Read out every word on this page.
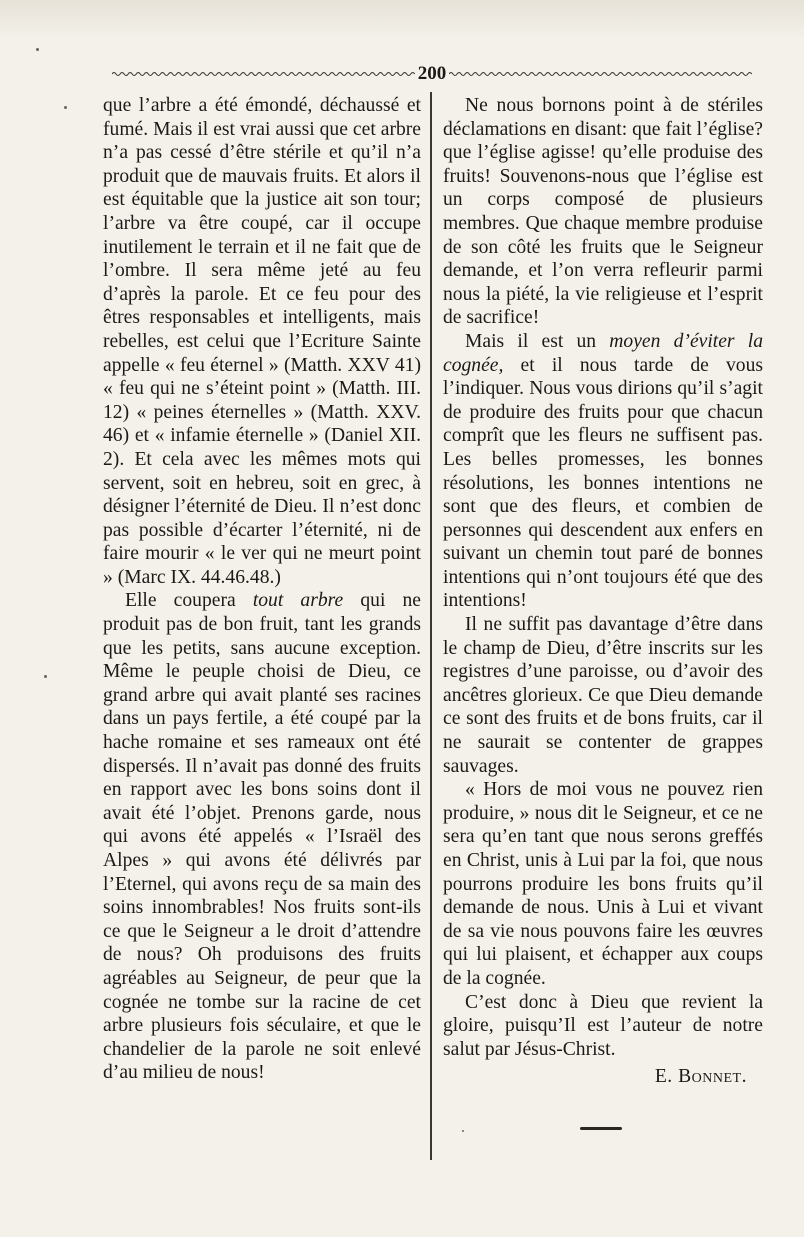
200

que l’arbre a été émondé, déchaussé et fumé. Mais il est vrai aussi que cet arbre n’a pas cessé d’être stérile et qu’il n’a produit que de mauvais fruits. Et alors il est équitable que la justice ait son tour; l’arbre va être coupé, car il occupe inutilement le terrain et il ne fait que de l’ombre. Il sera même jeté au feu d’après la parole. Et ce feu pour des êtres responsables et intelligents, mais rebelles, est celui que l’Ecriture Sainte appelle « feu éternel » (Matth. XXV 41) « feu qui ne s’éteint point » (Matth. III. 12) « peines éternelles » (Matth. XXV. 46) et « infamie éternelle » (Daniel XII. 2). Et cela avec les mêmes mots qui servent, soit en hebreu, soit en grec, à désigner l’éternité de Dieu. Il n’est donc pas possible d’écarter l’éternité, ni de faire mourir « le ver qui ne meurt point » (Marc IX. 44.46.48.)

Elle coupera tout arbre qui ne produit pas de bon fruit, tant les grands que les petits, sans aucune exception. Même le peuple choisi de Dieu, ce grand arbre qui avait planté ses racines dans un pays fertile, a été coupé par la hache romaine et ses rameaux ont été dispersés. Il n’avait pas donné des fruits en rapport avec les bons soins dont il avait été l’objet. Prenons garde, nous qui avons été appelés « l’Israël des Alpes » qui avons été délivrés par l’Eternel, qui avons reçu de sa main des soins innombrables! Nos fruits sont-ils ce que le Seigneur a le droit d’attendre de nous? Oh produisons des fruits agréables au Seigneur, de peur que la cognée ne tombe sur la racine de cet arbre plusieurs fois séculaire, et que le chandelier de la parole ne soit enlevé d’au milieu de nous!

Ne nous bornons point à de stériles déclamations en disant: que fait l’église? que l’église agisse! qu’elle produise des fruits! Souvenons-nous que l’église est un corps composé de plusieurs membres. Que chaque membre produise de son côté les fruits que le Seigneur demande, et l’on verra refleurir parmi nous la piété, la vie religieuse et l’esprit de sacrifice!

Mais il est un moyen d’éviter la cognée, et il nous tarde de vous l’indiquer. Nous vous dirions qu’il s’agit de produire des fruits pour que chacun comprît que les fleurs ne suffisent pas. Les belles promesses, les bonnes résolutions, les bonnes intentions ne sont que des fleurs, et combien de personnes qui descendent aux enfers en suivant un chemin tout paré de bonnes intentions qui n’ont toujours été que des intentions!

Il ne suffit pas davantage d’être dans le champ de Dieu, d’être inscrits sur les registres d’une paroisse, ou d’avoir des ancêtres glorieux. Ce que Dieu demande ce sont des fruits et de bons fruits, car il ne saurait se contenter de grappes sauvages.

« Hors de moi vous ne pouvez rien produire, » nous dit le Seigneur, et ce ne sera qu’en tant que nous serons greffés en Christ, unis à Lui par la foi, que nous pourrons produire les bons fruits qu’il demande de nous. Unis à Lui et vivant de sa vie nous pouvons faire les œuvres qui lui plaisent, et échapper aux coups de la cognée.

C’est donc à Dieu que revient la gloire, puisqu’Il est l’auteur de notre salut par Jésus-Christ.

E. Bonnet.
